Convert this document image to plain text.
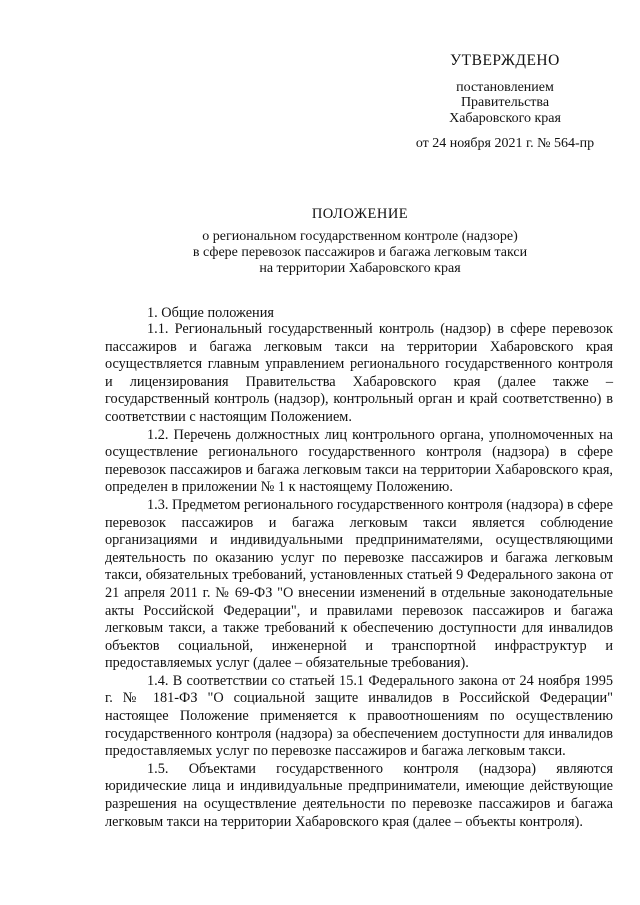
УТВЕРЖДЕНО
постановлением
Правительства
Хабаровского края
от 24 ноября 2021 г. № 564-пр
ПОЛОЖЕНИЕ
о региональном государственном контроле (надзоре)
в сфере перевозок пассажиров и багажа легковым такси
на территории Хабаровского края
1. Общие положения

1.1. Региональный государственный контроль (надзор) в сфере перевозок пассажиров и багажа легковым такси на территории Хабаровского края осуществляется главным управлением регионального государственного контроля и лицензирования Правительства Хабаровского края (далее также – государственный контроль (надзор), контрольный орган и край соответственно) в соответствии с настоящим Положением.

1.2. Перечень должностных лиц контрольного органа, уполномоченных на осуществление регионального государственного контроля (надзора) в сфере перевозок пассажиров и багажа легковым такси на территории Хабаровского края, определен в приложении № 1 к настоящему Положению.

1.3. Предметом регионального государственного контроля (надзора) в сфере перевозок пассажиров и багажа легковым такси является соблюдение организациями и индивидуальными предпринимателями, осуществляющими деятельность по оказанию услуг по перевозке пассажиров и багажа легковым такси, обязательных требований, установленных статьей 9 Федерального закона от 21 апреля 2011 г. № 69-ФЗ "О внесении изменений в отдельные законодательные акты Российской Федерации", и правилами перевозок пассажиров и багажа легковым такси, а также требований к обеспечению доступности для инвалидов объектов социальной, инженерной и транспортной инфраструктур и предоставляемых услуг (далее – обязательные требования).

1.4. В соответствии со статьей 15.1 Федерального закона от 24 ноября 1995 г. № 181-ФЗ "О социальной защите инвалидов в Российской Федерации" настоящее Положение применяется к правоотношениям по осуществлению государственного контроля (надзора) за обеспечением доступности для инвалидов предоставляемых услуг по перевозке пассажиров и багажа легковым такси.

1.5. Объектами государственного контроля (надзора) являются юридические лица и индивидуальные предприниматели, имеющие действующие разрешения на осуществление деятельности по перевозке пассажиров и багажа легковым такси на территории Хабаровского края (далее – объекты контроля).
